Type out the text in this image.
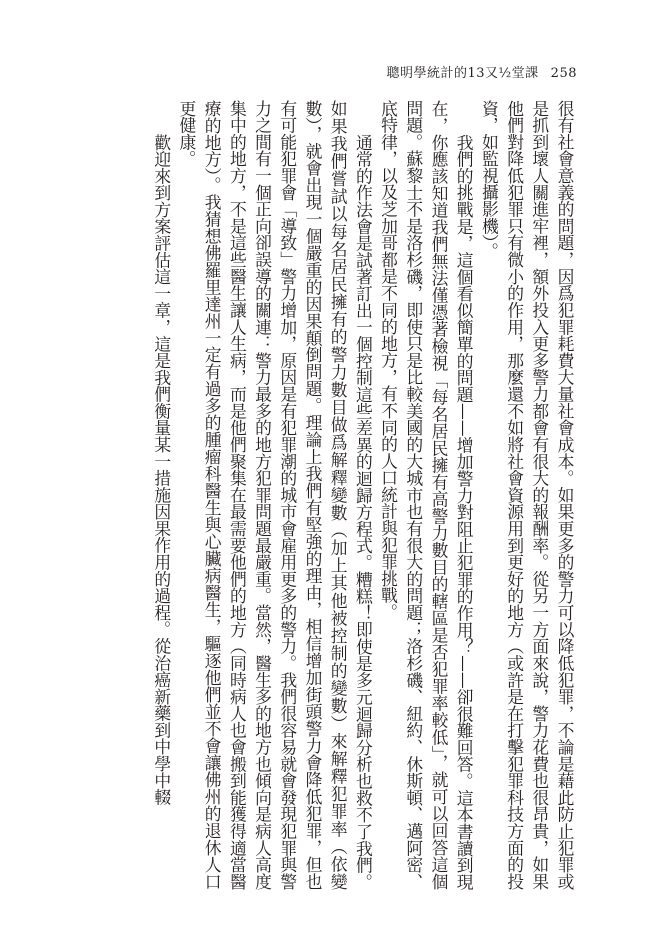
聰明學統計的13又½堂課 258

很有社會意義的問題，因爲犯罪耗費大量社會成本。如果更多的警力可以降低犯罪，不論是藉此防止犯罪或是抓到壞人關進牢裡，額外投入更多警力都會有很大的報酬率。從另一方面來說，警力花費也很昂貴，如果他們對降低犯罪只有微小的作用，那麼還不如將社會資源用到更好的地方（或許是在打擊犯罪科技方面的投資，如監視攝影機）。

我們的挑戰是，這個看似簡單的問題——增加警力對阻止犯罪的作用？——卻很難回答。這本書讀到現在，你應該知道我們無法僅憑著檢視「每名居民擁有高警力數目的轄區是否犯罪率較低」，就可以回答這個問題。蘇黎士不是洛杉磯，即使只是比較美國的大城市也有很大的問題；洛杉磯、紐約、休斯頓、邁阿密、底特律，以及芝加哥都是不同的地方，有不同的人口統計與犯罪挑戰。

通常的作法會是試著訂出一個控制這些差異的迴歸方程式。糟糕！即使是多元迴歸分析也救不了我們。如果我們嘗試以每名居民擁有的警力數目做爲解釋變數（加上其他被控制的變數）來解釋犯罪率（依變數），就會出現一個嚴重的因果顛倒問題。理論上我們有堅強的理由，相信增加街頭警力會降低犯罪，但也有可能犯罪會「導致」警力增加，原因是有犯罪潮的城市會雇用更多的警力。我們很容易就會發現犯罪與警力之間有一個正向卻誤導的關連：警力最多的地方犯罪問題最嚴重。當然，醫生多的地方也傾向是病人高度集中的地方，不是這些醫生讓人生病，而是他們聚集在最需要他們的地方（同時病人也會搬到能獲得適當醫療的地方）。我猜想佛羅里達州一定有過多的腫瘤科醫生與心臟病醫生，驅逐他們並不會讓佛州的退休人口更健康。

歡迎來到方案評估這一章，這是我們衡量某一措施因果作用的過程。從治癌新藥到中學中輟
